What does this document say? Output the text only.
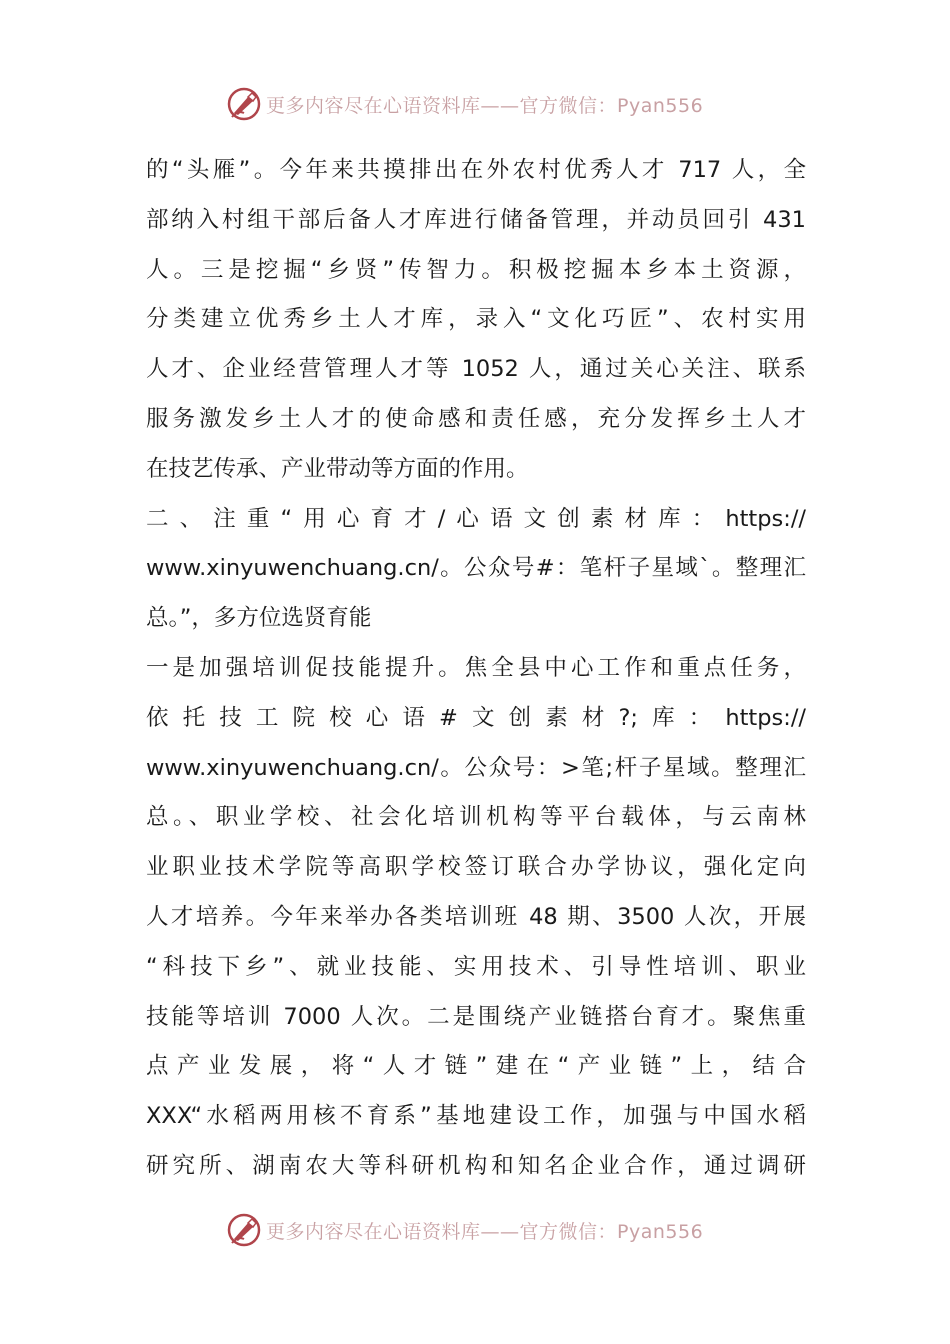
更多内容尽在心语资料库——官方微信：Pyan556
的“头雁”。今年来共摸排出在外农村优秀人才 717 人，全
部纳入村组干部后备人才库进行储备管理，并动员回引 431
人。三是挖掘“乡贤”传智力。积极挖掘本乡本土资源，
分类建立优秀乡土人才库，录入“文化巧匠”、农村实用
人才、企业经营管理人才等 1052 人，通过关心关注、联系
服务激发乡土人才的使命感和责任感，充分发挥乡土人才
在技艺传承、产业带动等方面的作用。
二、注重“用心育才/心语文创素材库：https://
www.xinyuwenchuang.cn/。公众号#：笔杆子星域`。整理汇
总。”，多方位选贤育能
一是加强培训促技能提升。焦全县中心工作和重点任务，
依托技工院校心语#文创素材?;库：https://
www.xinyuwenchuang.cn/。公众号：>笔;杆子星域。整理汇
总。、职业学校、社会化培训机构等平台载体，与云南林
业职业技术学院等高职学校签订联合办学协议，强化定向
人才培养。今年来举办各类培训班 48 期、3500 人次，开展
“科技下乡”、就业技能、实用技术、引导性培训、职业
技能等培训 7000 人次。二是围绕产业链搭台育才。聚焦重
点产业发展，将“人才链”建在“产业链”上，结合
XXX“水稻两用核不育系”基地建设工作，加强与中国水稻
研究所、湖南农大等科研机构和知名企业合作，通过调研
更多内容尽在心语资料库——官方微信：Pyan556
